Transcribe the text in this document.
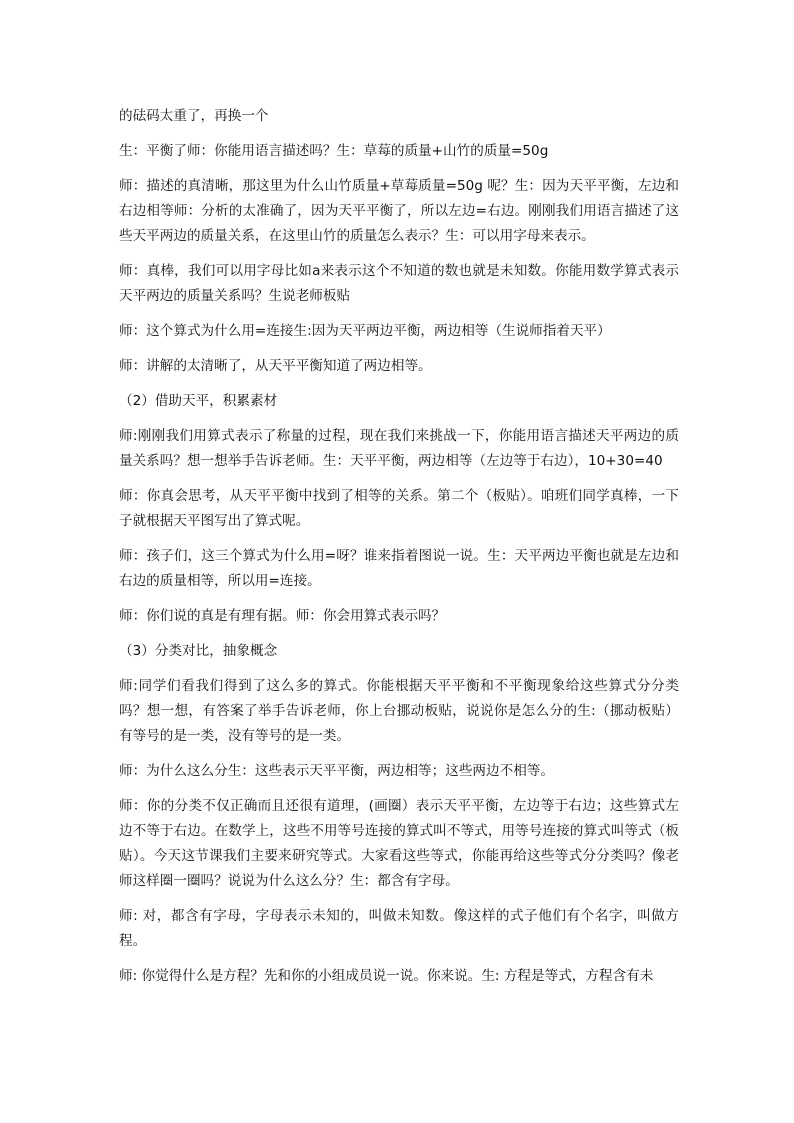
的砝码太重了，再换一个

生：平衡了师：你能用语言描述吗？生：草莓的质量+山竹的质量=50g

师：描述的真清晰，那这里为什么山竹质量+草莓质量=50g 呢？生：因为天平平衡，左边和右边相等师：分析的太准确了，因为天平平衡了，所以左边=右边。刚刚我们用语言描述了这些天平两边的质量关系，在这里山竹的质量怎么表示？生：可以用字母来表示。

师：真棒，我们可以用字母比如a来表示这个不知道的数也就是未知数。你能用数学算式表示天平两边的质量关系吗？生说老师板贴

师：这个算式为什么用=连接生:因为天平两边平衡，两边相等（生说师指着天平）

师：讲解的太清晰了，从天平平衡知道了两边相等。

（2）借助天平，积累素材

师:刚刚我们用算式表示了称量的过程，现在我们来挑战一下，你能用语言描述天平两边的质量关系吗？想一想举手告诉老师。生：天平平衡，两边相等（左边等于右边），10+30=40

师：你真会思考，从天平平衡中找到了相等的关系。第二个（板贴）。咱班们同学真棒，一下子就根据天平图写出了算式呢。

师：孩子们，这三个算式为什么用=呀？谁来指着图说一说。生：天平两边平衡也就是左边和右边的质量相等，所以用=连接。

师：你们说的真是有理有据。师：你会用算式表示吗？

（3）分类对比，抽象概念

师:同学们看我们得到了这么多的算式。你能根据天平平衡和不平衡现象给这些算式分分类吗？想一想，有答案了举手告诉老师，你上台挪动板贴，说说你是怎么分的生:（挪动板贴）有等号的是一类，没有等号的是一类。

师：为什么这么分生：这些表示天平平衡，两边相等；这些两边不相等。

师：你的分类不仅正确而且还很有道理，(画圈）表示天平平衡，左边等于右边；这些算式左边不等于右边。在数学上，这些不用等号连接的算式叫不等式，用等号连接的算式叫等式（板贴）。今天这节课我们主要来研究等式。大家看这些等式，你能再给这些等式分分类吗？像老师这样圈一圈吗？说说为什么这么分？生：都含有字母。

师: 对，都含有字母，字母表示未知的，叫做未知数。像这样的式子他们有个名字，叫做方程。

师: 你觉得什么是方程？先和你的小组成员说一说。你来说。生: 方程是等式，方程含有未
